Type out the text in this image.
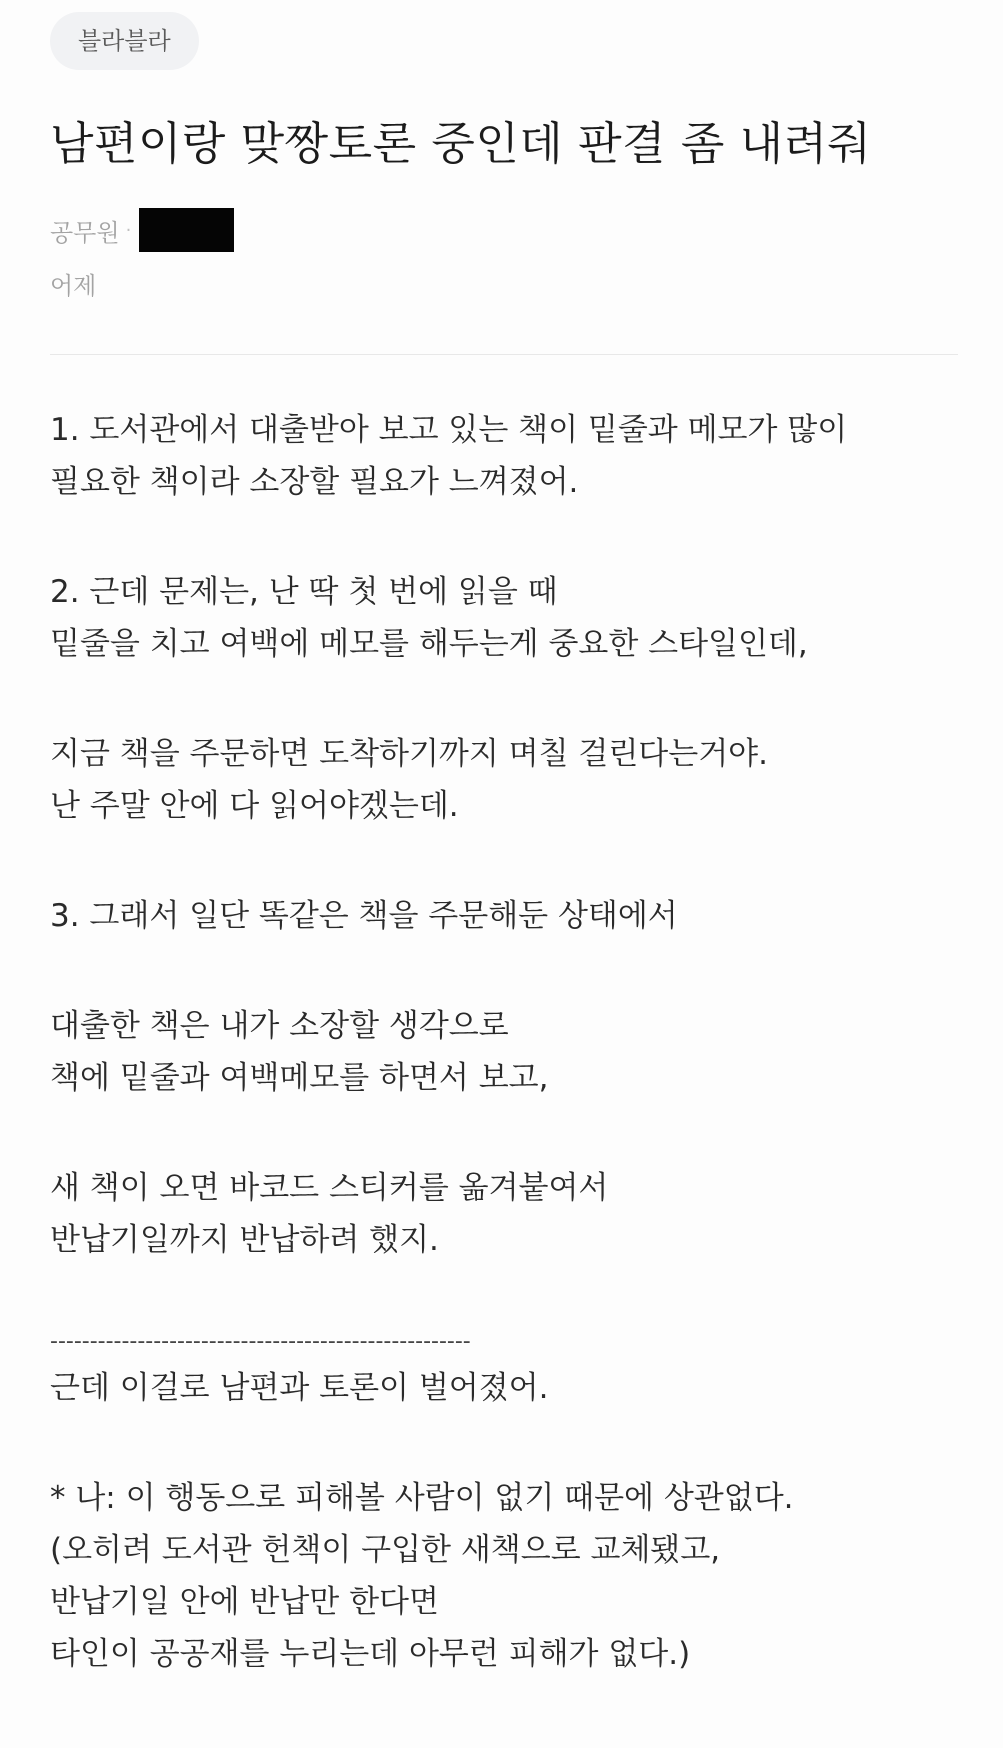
블라블라
남편이랑 맞짱토론 중인데 판결 좀 내려줘
공무원 ·
어제
1. 도서관에서 대출받아 보고 있는 책이 밑줄과 메모가 많이
필요한 책이라 소장할 필요가 느껴졌어.
2. 근데 문제는, 난 딱 첫 번에 읽을 때
밑줄을 치고 여백에 메모를 해두는게 중요한 스타일인데,
지금 책을 주문하면 도착하기까지 며칠 걸린다는거야.
난 주말 안에 다 읽어야겠는데.
3. 그래서 일단 똑같은 책을 주문해둔 상태에서
대출한 책은 내가 소장할 생각으로
책에 밑줄과 여백메모를 하면서 보고,
새 책이 오면 바코드 스티커를 옮겨붙여서
반납기일까지 반납하려 했지.
-----------------------------------------------------
근데 이걸로 남편과 토론이 벌어졌어.
* 나: 이 행동으로 피해볼 사람이 없기 때문에 상관없다.
(오히려 도서관 헌책이 구입한 새책으로 교체됐고,
반납기일 안에 반납만 한다면
타인이 공공재를 누리는데 아무런 피해가 없다.)
